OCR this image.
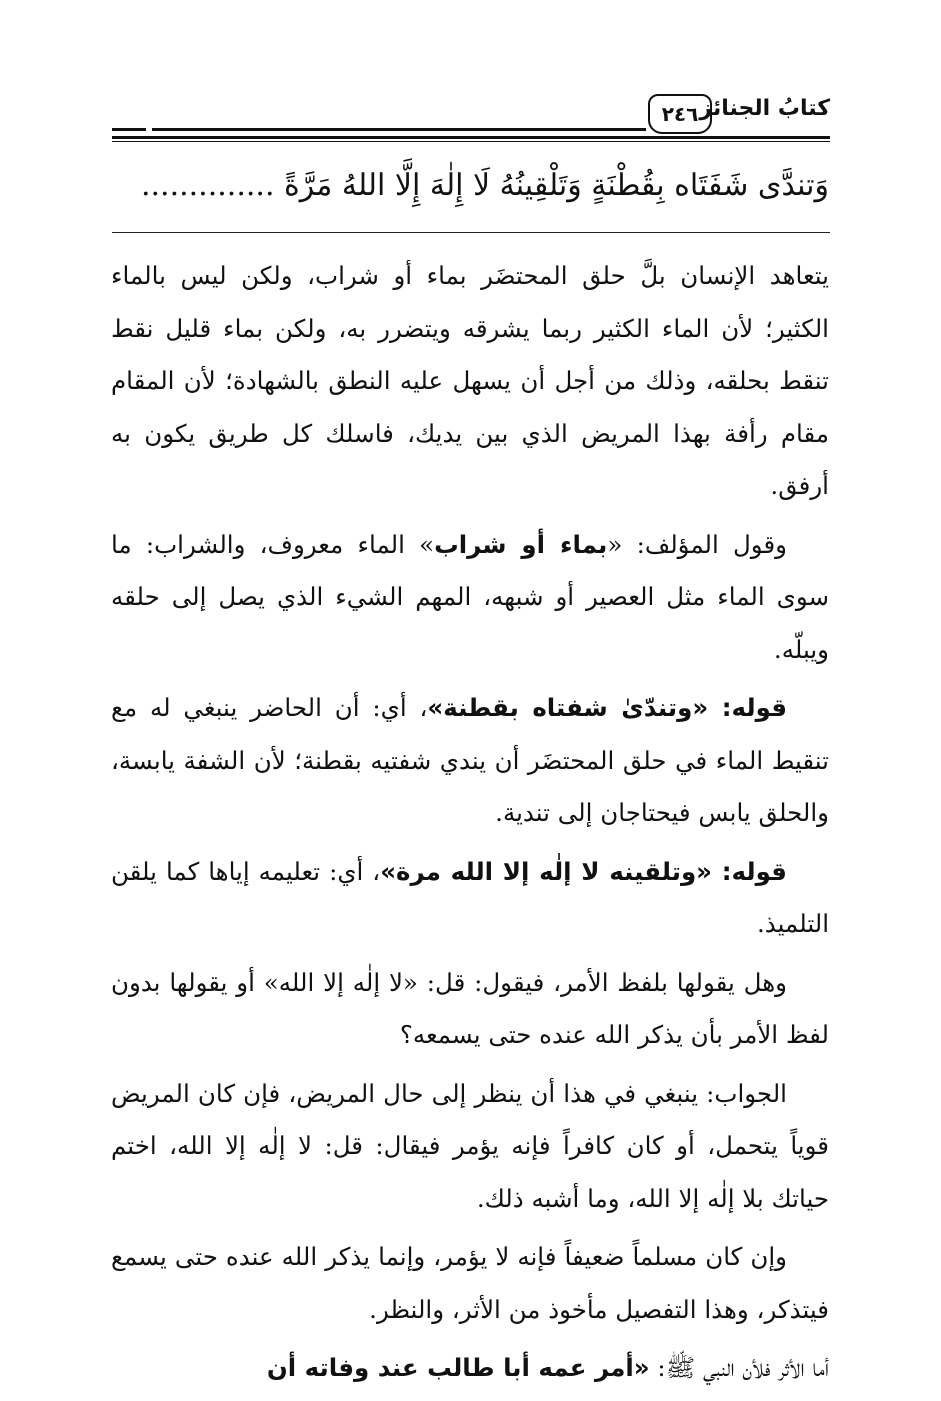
كتابُ الجنائز
٢٤٦
وَتندَّى شَفَتَاه بِقُطْنَةٍ وَتَلْقِينُهُ لَا إِلٰهَ إِلَّا اللهُ مَرَّةً ..............

يتعاهد الإنسان بلَّ حلق المحتضَر بماء أو شراب، ولكن ليس بالماء الكثير؛ لأن الماء الكثير ربما يشرقه ويتضرر به، ولكن بماء قليل نقط تنقط بحلقه، وذلك من أجل أن يسهل عليه النطق بالشهادة؛ لأن المقام مقام رأفة بهذا المريض الذي بين يديك، فاسلك كل طريق يكون به أرفق.

وقول المؤلف: «بماء أو شراب» الماء معروف، والشراب: ما سوى الماء مثل العصير أو شبهه، المهم الشيء الذي يصل إلى حلقه ويبلّه.

قوله: «وتندّىٰ شفتاه بقطنة»، أي: أن الحاضر ينبغي له مع تنقيط الماء في حلق المحتضَر أن يندي شفتيه بقطنة؛ لأن الشفة يابسة، والحلق يابس فيحتاجان إلى تندية.

قوله: «وتلقينه لا إلٰه إلا الله مرة»، أي: تعليمه إياها كما يلقن التلميذ.

وهل يقولها بلفظ الأمر، فيقول: قل: «لا إلٰه إلا الله» أو يقولها بدون لفظ الأمر بأن يذكر الله عنده حتى يسمعه؟

الجواب: ينبغي في هذا أن ينظر إلى حال المريض، فإن كان المريض قوياً يتحمل، أو كان كافراً فإنه يؤمر فيقال: قل: لا إلٰه إلا الله، اختم حياتك بلا إلٰه إلا الله، وما أشبه ذلك.

وإن كان مسلماً ضعيفاً فإنه لا يؤمر، وإنما يذكر الله عنده حتى يسمع فيتذكر، وهذا التفصيل مأخوذ من الأثر، والنظر.

أما الأثر فلأن النبي ﷺ: «أمر عمه أبا طالب عند وفاته أن
